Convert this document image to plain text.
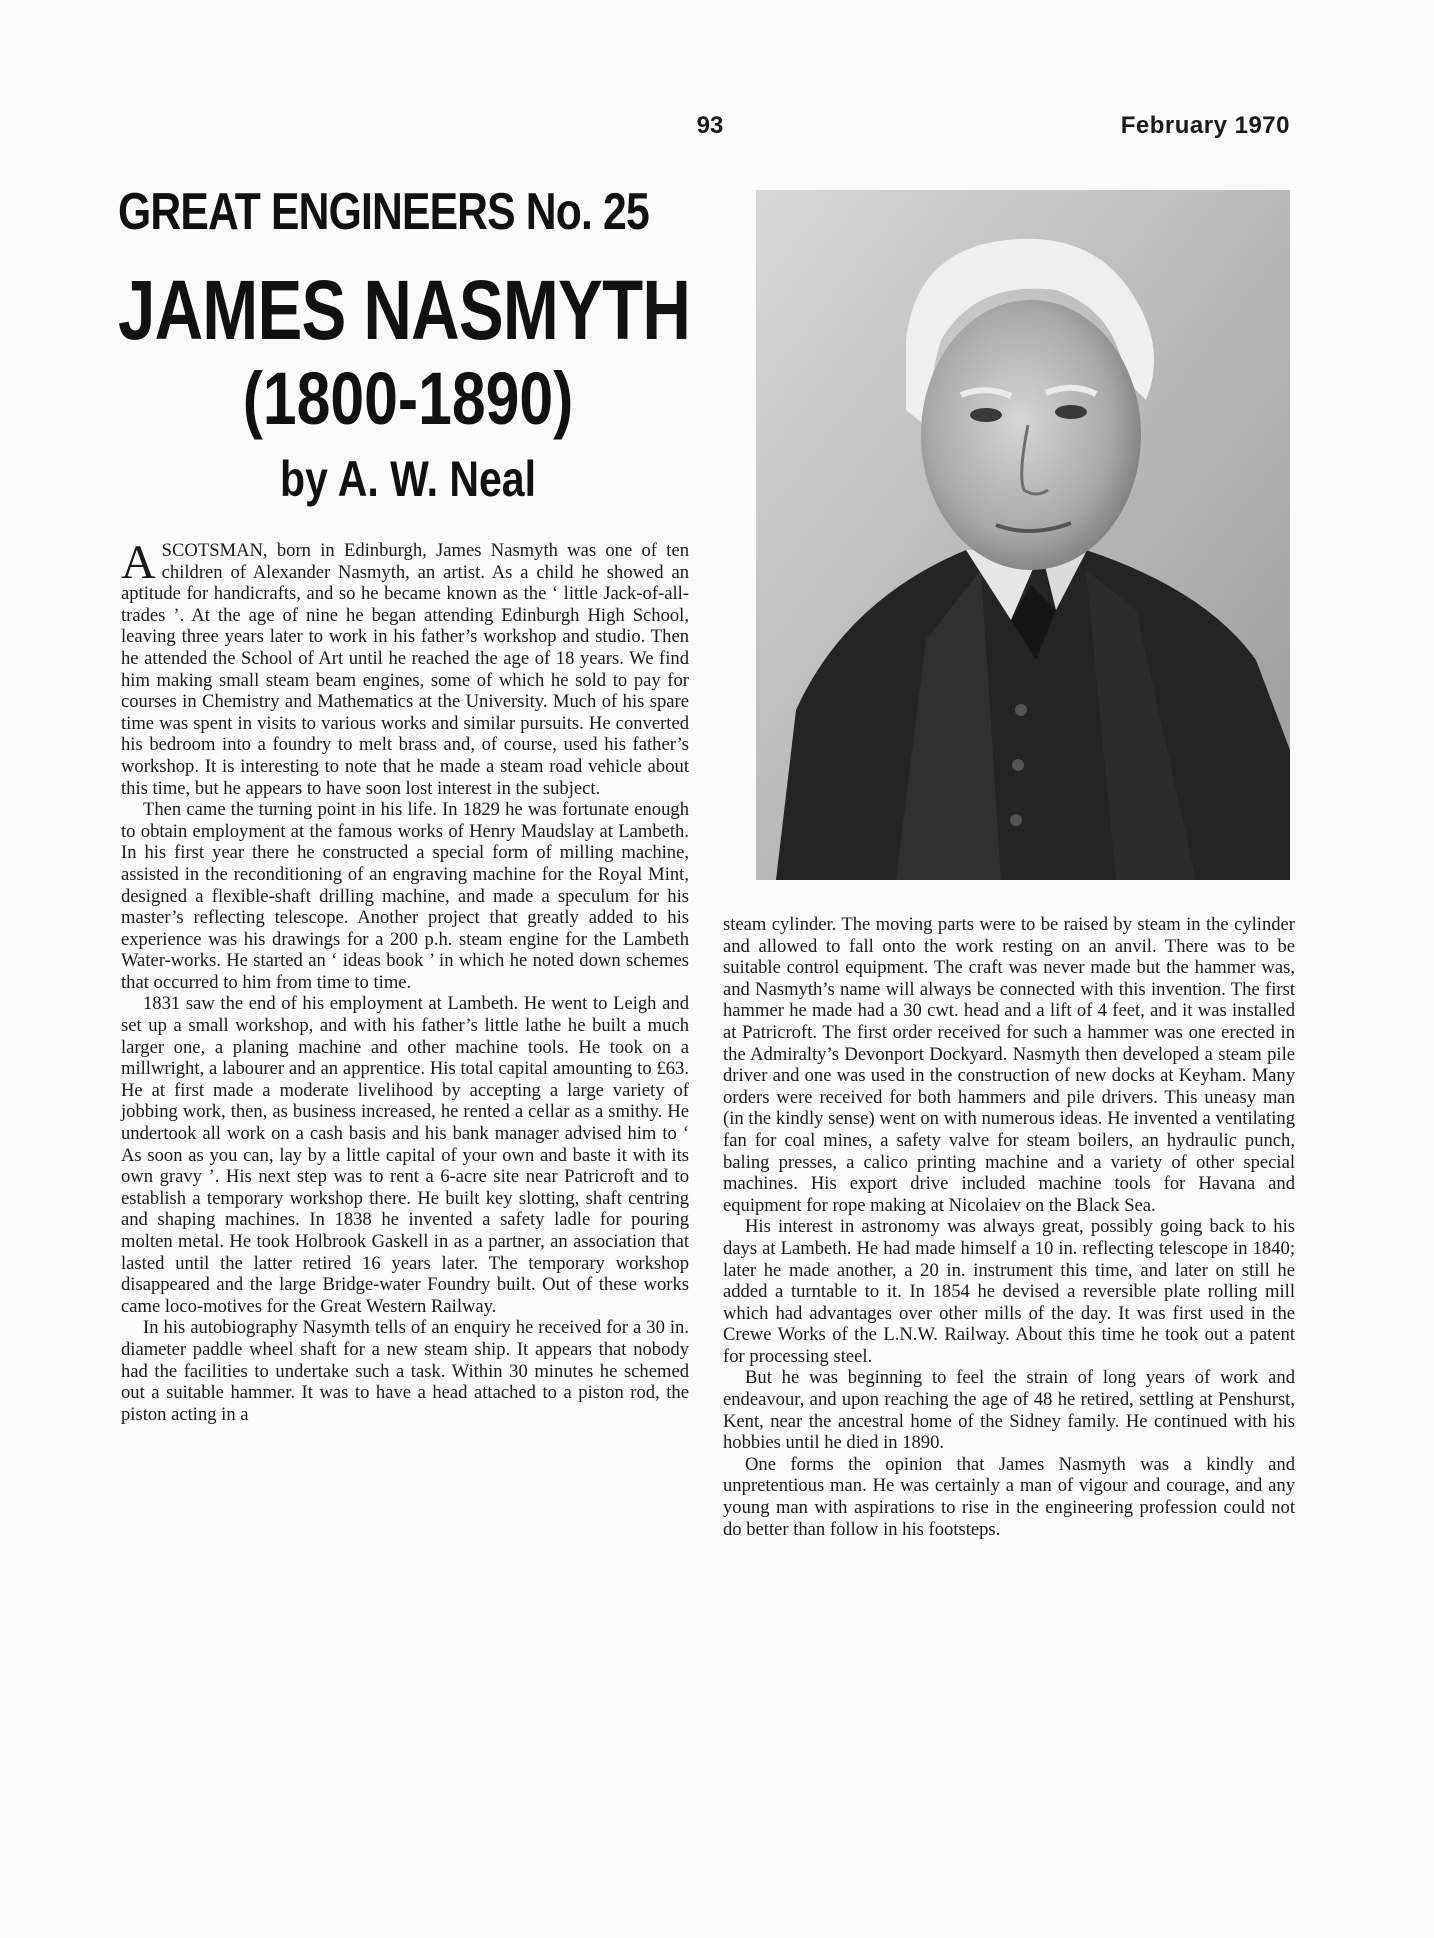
93	February 1970
GREAT ENGINEERS No. 25
JAMES NASMYTH
(1800-1890)
by A. W. Neal

A SCOTSMAN, born in Edinburgh, James Nasmyth was one of ten children of Alexander Nasmyth, an artist. As a child he showed an aptitude for handicrafts, and so he became known as the ‘ little Jack-of-all-trades ’. At the age of nine he began attending Edinburgh High School, leaving three years later to work in his father’s workshop and studio. Then he attended the School of Art until he reached the age of 18 years. We find him making small steam beam engines, some of which he sold to pay for courses in Chemistry and Mathematics at the University. Much of his spare time was spent in visits to various works and similar pursuits. He converted his bedroom into a foundry to melt brass and, of course, used his father’s workshop. It is interesting to note that he made a steam road vehicle about this time, but he appears to have soon lost interest in the subject.

Then came the turning point in his life. In 1829 he was fortunate enough to obtain employment at the famous works of Henry Maudslay at Lambeth. In his first year there he constructed a special form of milling machine, assisted in the reconditioning of an engraving machine for the Royal Mint, designed a flexible-shaft drilling machine, and made a speculum for his master’s reflecting telescope. Another project that greatly added to his experience was his drawings for a 200 p.h. steam engine for the Lambeth Water-works. He started an ‘ ideas book ’ in which he noted down schemes that occurred to him from time to time.

1831 saw the end of his employment at Lambeth. He went to Leigh and set up a small workshop, and with his father’s little lathe he built a much larger one, a planing machine and other machine tools. He took on a millwright, a labourer and an apprentice. His total capital amounting to £63. He at first made a moderate livelihood by accepting a large variety of jobbing work, then, as business increased, he rented a cellar as a smithy. He undertook all work on a cash basis and his bank manager advised him to ‘ As soon as you can, lay by a little capital of your own and baste it with its own gravy ’. His next step was to rent a 6-acre site near Patricroft and to establish a temporary workshop there. He built key slotting, shaft centring and shaping machines. In 1838 he invented a safety ladle for pouring molten metal. He took Holbrook Gaskell in as a partner, an association that lasted until the latter retired 16 years later. The temporary workshop disappeared and the large Bridge-water Foundry built. Out of these works came loco-motives for the Great Western Railway.

In his autobiography Nasymth tells of an enquiry he received for a 30 in. diameter paddle wheel shaft for a new steam ship. It appears that nobody had the facilities to undertake such a task. Within 30 minutes he schemed out a suitable hammer. It was to have a head attached to a piston rod, the piston acting in a

steam cylinder. The moving parts were to be raised by steam in the cylinder and allowed to fall onto the work resting on an anvil. There was to be suitable control equipment. The craft was never made but the hammer was, and Nasmyth’s name will always be connected with this invention. The first hammer he made had a 30 cwt. head and a lift of 4 feet, and it was installed at Patricroft. The first order received for such a hammer was one erected in the Admiralty’s Devonport Dockyard. Nasmyth then developed a steam pile driver and one was used in the construction of new docks at Keyham. Many orders were received for both hammers and pile drivers. This uneasy man (in the kindly sense) went on with numerous ideas. He invented a ventilating fan for coal mines, a safety valve for steam boilers, an hydraulic punch, baling presses, a calico printing machine and a variety of other special machines. His export drive included machine tools for Havana and equipment for rope making at Nicolaiev on the Black Sea.

His interest in astronomy was always great, possibly going back to his days at Lambeth. He had made himself a 10 in. reflecting telescope in 1840; later he made another, a 20 in. instrument this time, and later on still he added a turntable to it. In 1854 he devised a reversible plate rolling mill which had advantages over other mills of the day. It was first used in the Crewe Works of the L.N.W. Railway. About this time he took out a patent for processing steel.

But he was beginning to feel the strain of long years of work and endeavour, and upon reaching the age of 48 he retired, settling at Penshurst, Kent, near the ancestral home of the Sidney family. He continued with his hobbies until he died in 1890.

One forms the opinion that James Nasmyth was a kindly and unpretentious man. He was certainly a man of vigour and courage, and any young man with aspirations to rise in the engineering profession could not do better than follow in his footsteps.
